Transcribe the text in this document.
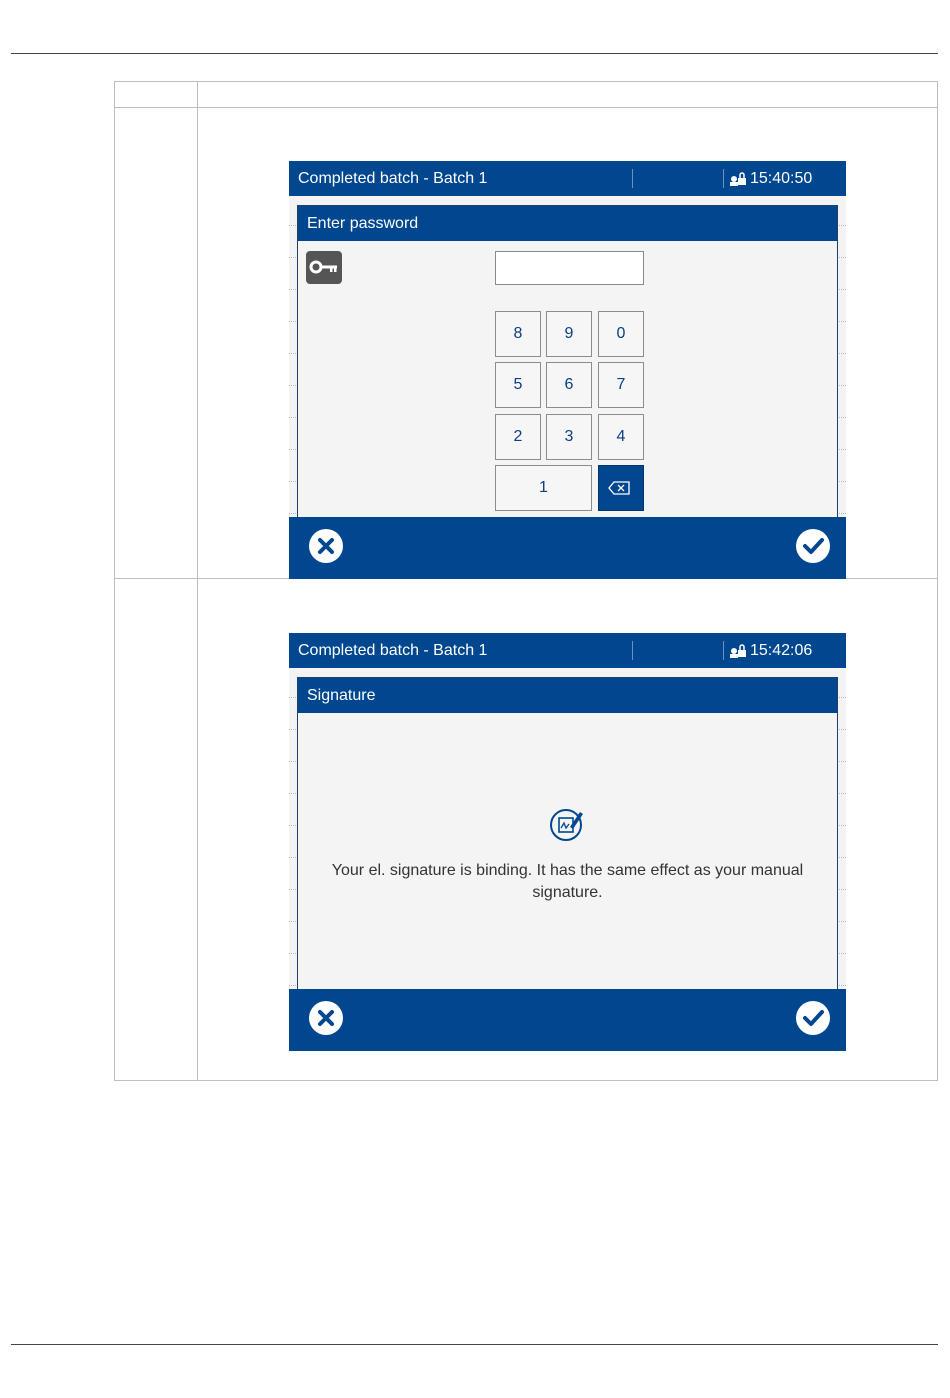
Completed batch - Batch 1	15:40:50
Enter password
8	9	0
5	6	7
2	3	4
1
Completed batch - Batch 1	15:42:06
Signature
Your el. signature is binding. It has the same effect as your manual
signature.
